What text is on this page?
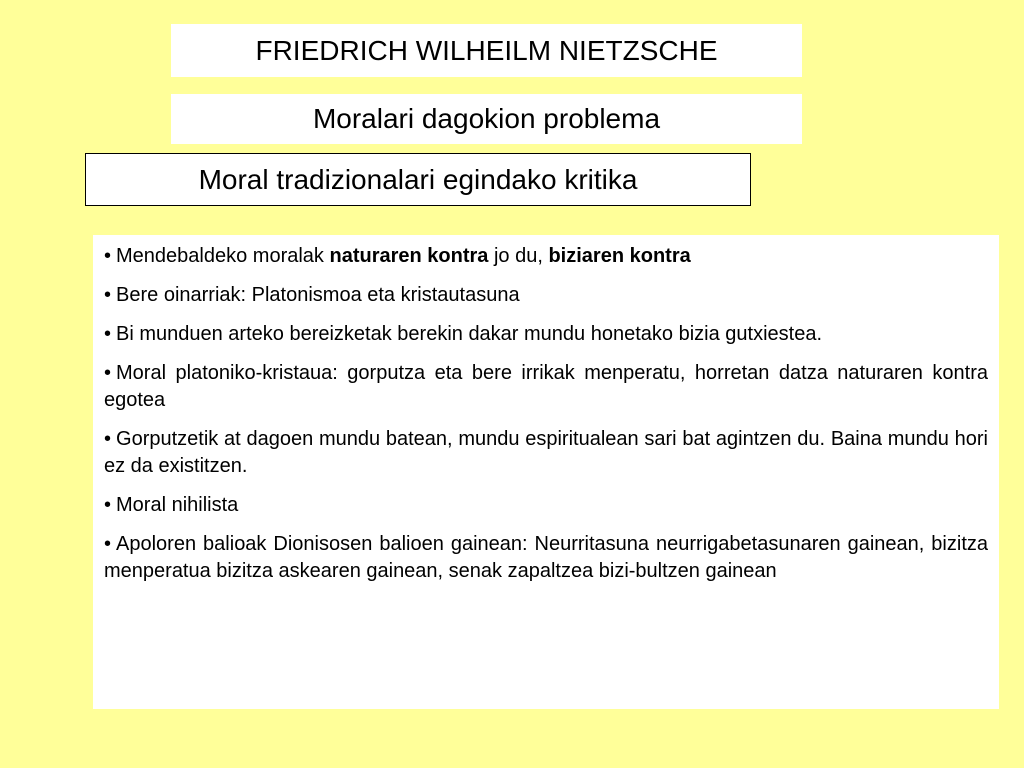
FRIEDRICH WILHEILM NIETZSCHE
Moralari dagokion problema
Moral tradizionalari egindako kritika
• Mendebaldeko moralak naturaren kontra jo du, biziaren kontra
• Bere oinarriak: Platonismoa eta kristautasuna
• Bi munduen arteko bereizketak berekin dakar mundu honetako bizia gutxiestea.
• Moral platoniko-kristaua: gorputza eta bere irrikak menperatu, horretan datza naturaren kontra egotea
• Gorputzetik at dagoen mundu batean, mundu espiritualean sari bat agintzen du. Baina mundu hori ez da existitzen.
• Moral nihilista
• Apoloren balioak Dionisosen balioen gainean: Neurritasuna neurrigabetasunaren gainean, bizitza menperatua bizitza askearen gainean, senak zapaltzea bizi-bultzen gainean
